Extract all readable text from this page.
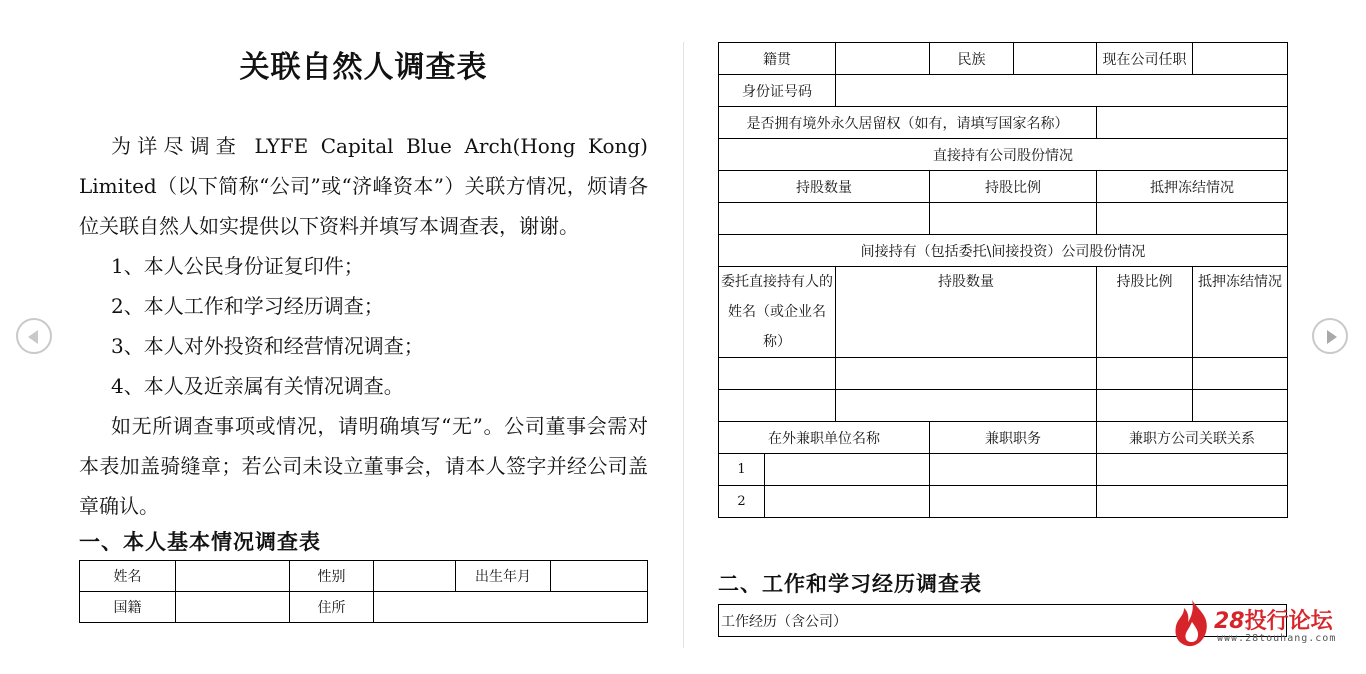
关联自然人调查表

为详尽调查 LYFE Capital Blue Arch(Hong Kong) Limited（以下简称“公司”或“济峰资本”）关联方情况，烦请各位关联自然人如实提供以下资料并填写本调查表，谢谢。

1、本人公民身份证复印件；

2、本人工作和学习经历调查；

3、本人对外投资和经营情况调查；

4、本人及近亲属有关情况调查。

如无所调查事项或情况，请明确填写“无”。公司董事会需对本表加盖骑缝章；若公司未设立董事会，请本人签字并经公司盖章确认。

一、本人基本情况调查表
姓名		性别		出生年月	
国籍		住所			
籍贯			民族		现在公司任职	
身份证号码						
是否拥有境外永久居留权（如有，请填写国家名称）						
直接持有公司股份情况						
持股数量			持股比例		抵押冻结情况	

间接持有（包括委托\间接投资）公司股份情况						
委托直接持有人的姓名（或企业名称）		持股数量			持股比例	抵押冻结情况

在外兼职单位名称			兼职职务		兼职方公司关联关系	
1						
2						
二、工作和学习经历调查表
工作经历（含公司）	28投行论坛
www.28touhang.com
